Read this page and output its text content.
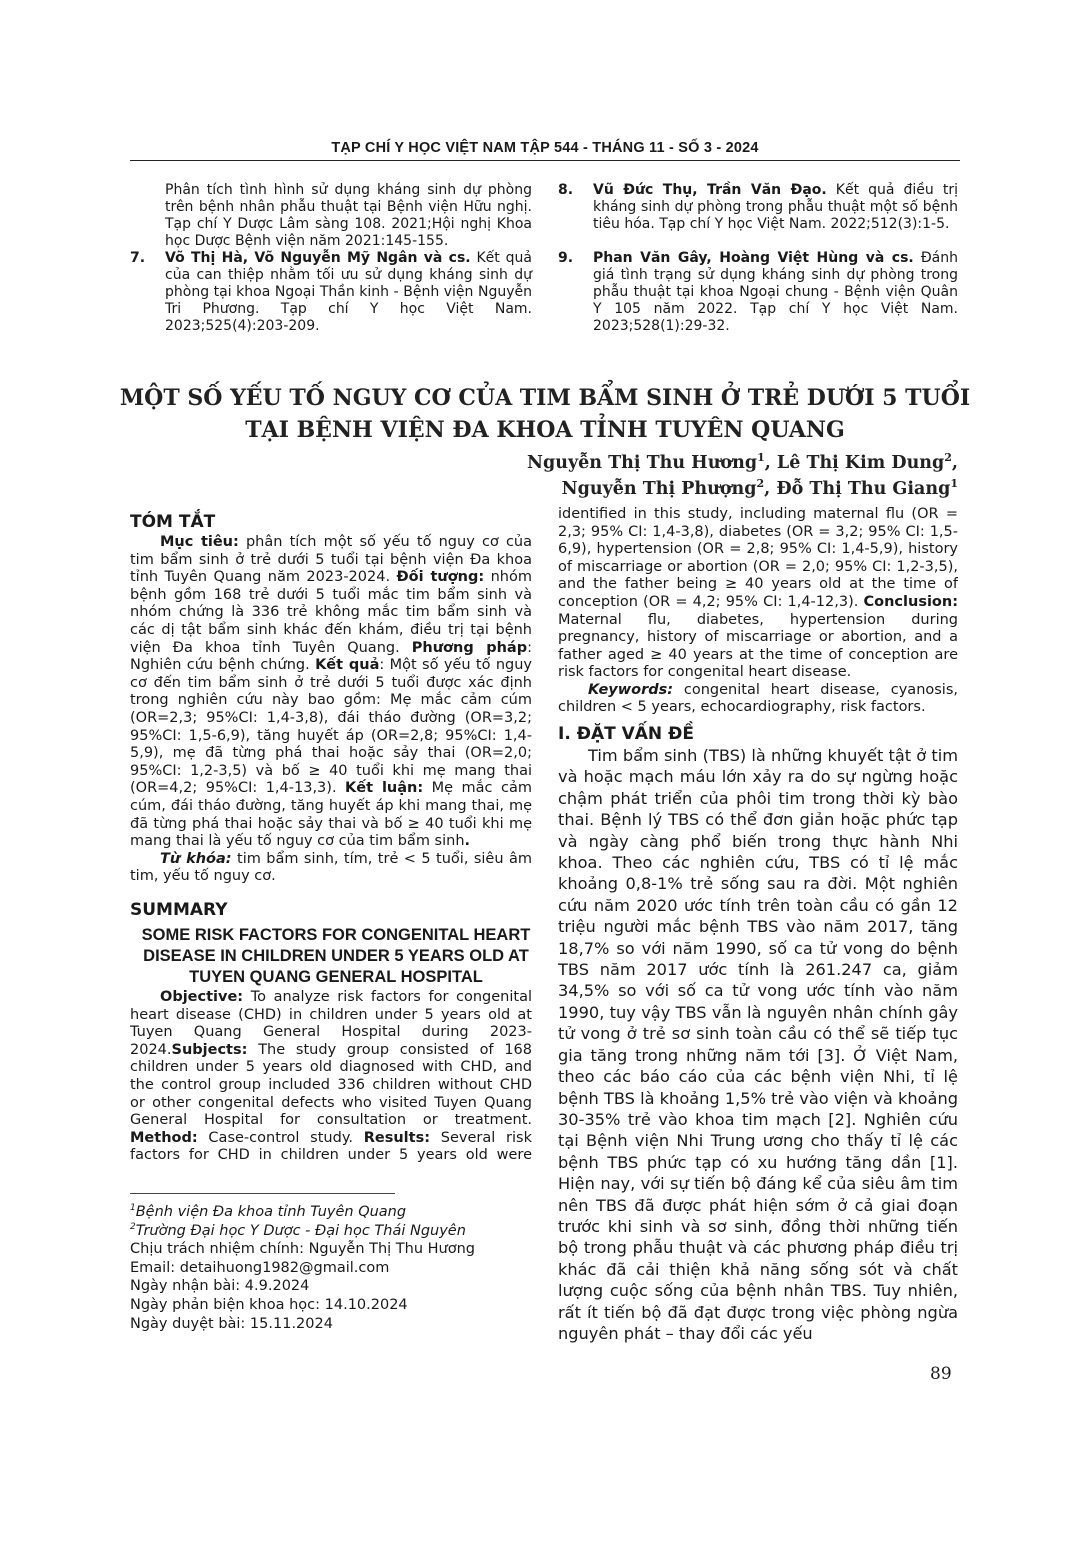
TẠP CHÍ Y HỌC VIỆT NAM TẬP 544 - THÁNG 11 - SỐ 3 - 2024
Phân tích tình hình sử dụng kháng sinh dự phòng trên bệnh nhân phẫu thuật tại Bệnh viện Hữu nghị. Tạp chí Y Dược Lâm sàng 108. 2021;Hội nghị Khoa học Dược Bệnh viện năm 2021:145-155.
7.	Võ Thị Hà, Võ Nguyễn Mỹ Ngân và cs. Kết quả của can thiệp nhằm tối ưu sử dụng kháng sinh dự phòng tại khoa Ngoại Thần kinh - Bệnh viện Nguyễn Tri Phương. Tạp chí Y học Việt Nam. 2023;525(4):203-209.
8.	Vũ Đức Thụ, Trần Văn Đạo. Kết quả điều trị kháng sinh dự phòng trong phẫu thuật một số bệnh tiêu hóa. Tạp chí Y học Việt Nam. 2022;512(3):1-5.
9.	Phan Văn Gây, Hoàng Việt Hùng và cs. Đánh giá tình trạng sử dụng kháng sinh dự phòng trong phẫu thuật tại khoa Ngoại chung - Bệnh viện Quân Y 105 năm 2022. Tạp chí Y học Việt Nam. 2023;528(1):29-32.
MỘT SỐ YẾU TỐ NGUY CƠ CỦA TIM BẨM SINH Ở TRẺ DƯỚI 5 TUỔI
TẠI BỆNH VIỆN ĐA KHOA TỈNH TUYÊN QUANG
Nguyễn Thị Thu Hương$^1$, Lê Thị Kim Dung$^2$,
Nguyễn Thị Phượng$^2$, Đỗ Thị Thu Giang$^1$
TÓM TẮT

Mục tiêu: phân tích một số yếu tố nguy cơ của tim bẩm sinh ở trẻ dưới 5 tuổi tại bệnh viện Đa khoa tỉnh Tuyên Quang năm 2023-2024. Đối tượng: nhóm bệnh gồm 168 trẻ dưới 5 tuổi mắc tim bẩm sinh và nhóm chứng là 336 trẻ không mắc tim bẩm sinh và các dị tật bẩm sinh khác đến khám, điều trị tại bệnh viện Đa khoa tỉnh Tuyên Quang. Phương pháp: Nghiên cứu bệnh chứng. Kết quả: Một số yếu tố nguy cơ đến tim bẩm sinh ở trẻ dưới 5 tuổi được xác định trong nghiên cứu này bao gồm: Mẹ mắc cảm cúm (OR=2,3; 95%CI: 1,4-3,8), đái tháo đường (OR=3,2; 95%CI: 1,5-6,9), tăng huyết áp (OR=2,8; 95%CI: 1,4-5,9), mẹ đã từng phá thai hoặc sảy thai (OR=2,0; 95%CI: 1,2-3,5) và bố ≥ 40 tuổi khi mẹ mang thai (OR=4,2; 95%CI: 1,4-13,3). Kết luận: Mẹ mắc cảm cúm, đái tháo đường, tăng huyết áp khi mang thai, mẹ đã từng phá thai hoặc sảy thai và bố ≥ 40 tuổi khi mẹ mang thai là yếu tố nguy cơ của tim bẩm sinh.

Từ khóa: tim bẩm sinh, tím, trẻ < 5 tuổi, siêu âm tim, yếu tố nguy cơ.

SUMMARY
SOME RISK FACTORS FOR CONGENITAL HEART DISEASE IN CHILDREN UNDER 5 YEARS OLD AT TUYEN QUANG GENERAL HOSPITAL

Objective: To analyze risk factors for congenital heart disease (CHD) in children under 5 years old at Tuyen Quang General Hospital during 2023-2024.Subjects: The study group consisted of 168 children under 5 years old diagnosed with CHD, and the control group included 336 children without CHD or other congenital defects who visited Tuyen Quang General Hospital for consultation or treatment. Method: Case-control study. Results: Several risk factors for CHD in children under 5 years old were

identified in this study, including maternal flu (OR = 2,3; 95% CI: 1,4-3,8), diabetes (OR = 3,2; 95% CI: 1,5-6,9), hypertension (OR = 2,8; 95% CI: 1,4-5,9), history of miscarriage or abortion (OR = 2,0; 95% CI: 1,2-3,5), and the father being ≥ 40 years old at the time of conception (OR = 4,2; 95% CI: 1,4-12,3). Conclusion: Maternal flu, diabetes, hypertension during pregnancy, history of miscarriage or abortion, and a father aged ≥ 40 years at the time of conception are risk factors for congenital heart disease.

Keywords: congenital heart disease, cyanosis, children < 5 years, echocardiography, risk factors.

I. ĐẶT VẤN ĐỀ

Tim bẩm sinh (TBS) là những khuyết tật ở tim và hoặc mạch máu lớn xảy ra do sự ngừng hoặc chậm phát triển của phôi tim trong thời kỳ bào thai. Bệnh lý TBS có thể đơn giản hoặc phức tạp và ngày càng phổ biến trong thực hành Nhi khoa. Theo các nghiên cứu, TBS có tỉ lệ mắc khoảng 0,8-1% trẻ sống sau ra đời. Một nghiên cứu năm 2020 ước tính trên toàn cầu có gần 12 triệu người mắc bệnh TBS vào năm 2017, tăng 18,7% so với năm 1990, số ca tử vong do bệnh TBS năm 2017 ước tính là 261.247 ca, giảm 34,5% so với số ca tử vong ước tính vào năm 1990, tuy vậy TBS vẫn là nguyên nhân chính gây tử vong ở trẻ sơ sinh toàn cầu có thể sẽ tiếp tục gia tăng trong những năm tới [3]. Ở Việt Nam, theo các báo cáo của các bệnh viện Nhi, tỉ lệ bệnh TBS là khoảng 1,5% trẻ vào viện và khoảng 30-35% trẻ vào khoa tim mạch [2]. Nghiên cứu tại Bệnh viện Nhi Trung ương cho thấy tỉ lệ các bệnh TBS phức tạp có xu hướng tăng dần [1]. Hiện nay, với sự tiến bộ đáng kể của siêu âm tim nên TBS đã được phát hiện sớm ở cả giai đoạn trước khi sinh và sơ sinh, đồng thời những tiến bộ trong phẫu thuật và các phương pháp điều trị khác đã cải thiện khả năng sống sót và chất lượng cuộc sống của bệnh nhân TBS. Tuy nhiên, rất ít tiến bộ đã đạt được trong việc phòng ngừa nguyên phát – thay đổi các yếu

$^1$Bệnh viện Đa khoa tỉnh Tuyên Quang
$^2$Trường Đại học Y Dược - Đại học Thái Nguyên
Chịu trách nhiệm chính: Nguyễn Thị Thu Hương
Email: detaihuong1982@gmail.com
Ngày nhận bài: 4.9.2024
Ngày phản biện khoa học: 14.10.2024
Ngày duyệt bài: 15.11.2024
89
